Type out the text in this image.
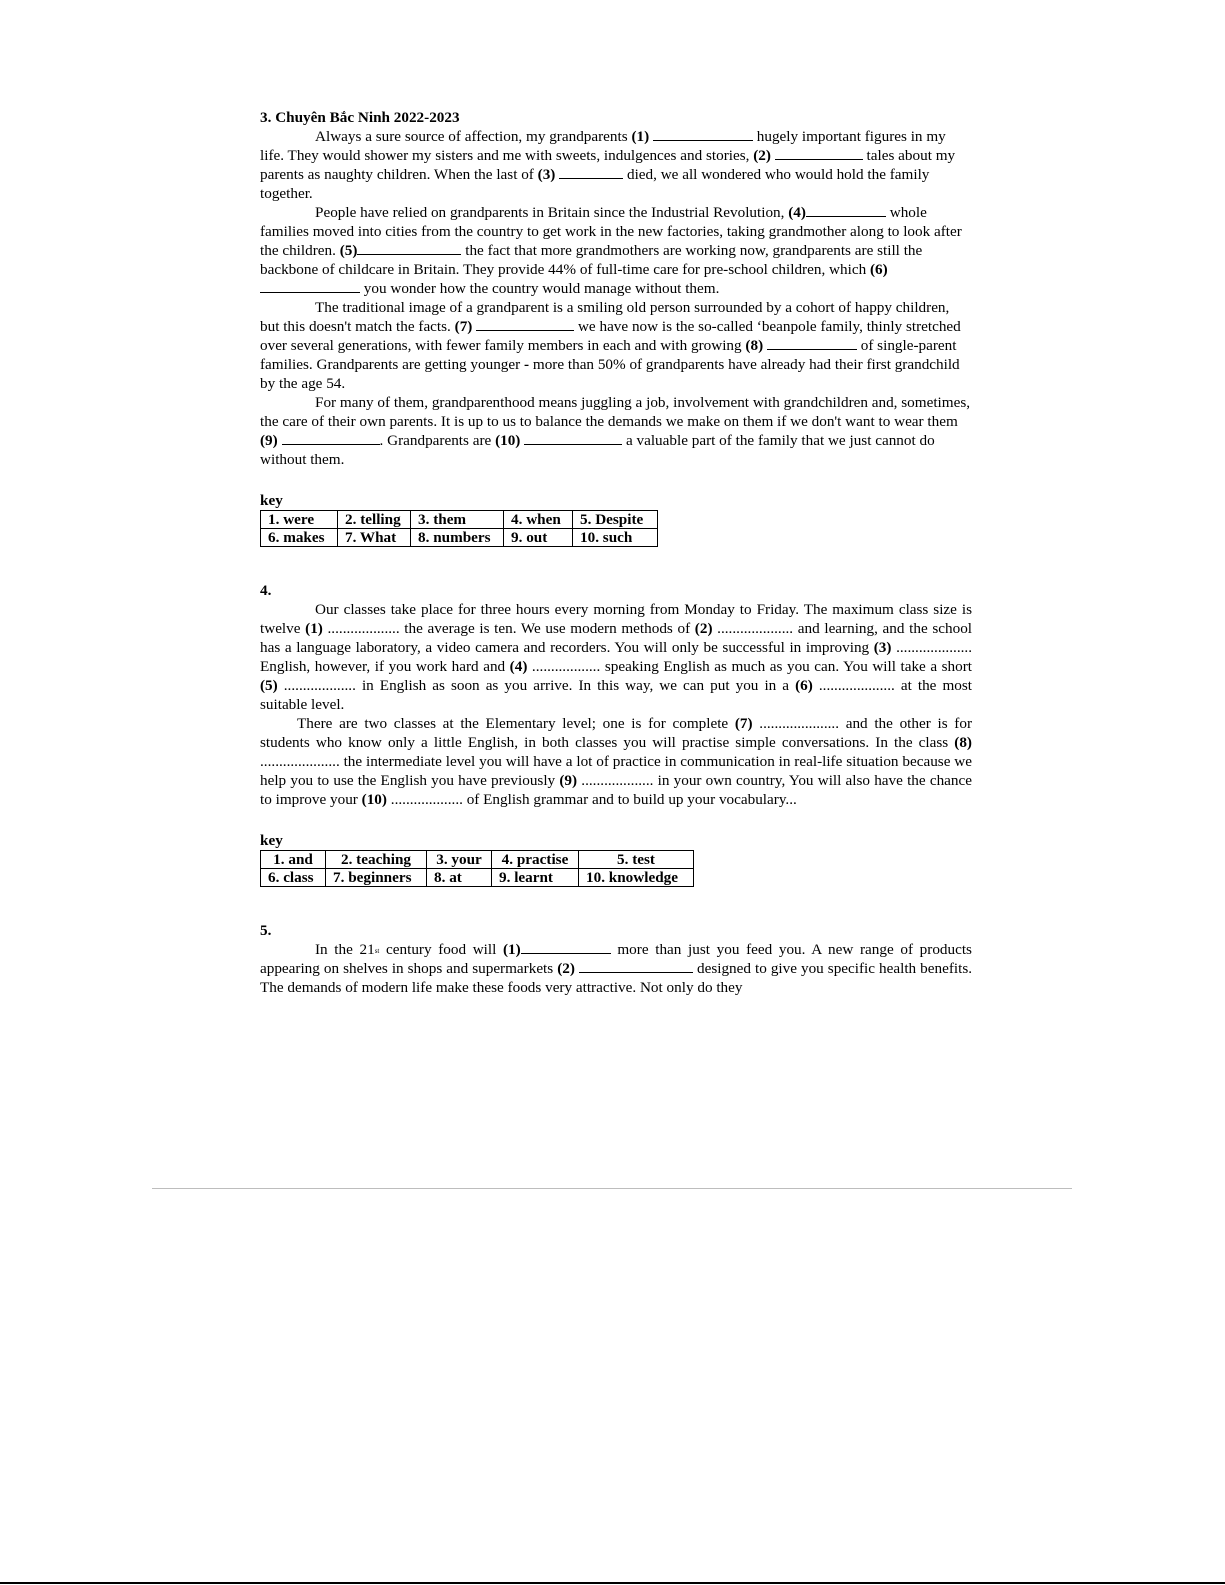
3. Chuyên Bắc Ninh 2022-2023

Always a sure source of affection, my grandparents (1)	hugely important figures in my life. They would shower my sisters and me with sweets, indulgences and stories, (2)	tales about my parents as naughty children. When the last of (3)	died, we all wondered who would hold the family together.

People have relied on grandparents in Britain since the Industrial Revolution, (4)	whole families moved into cities from the country to get work in the new factories, taking grandmother along to look after the children. (5)	the fact that more grandmothers are working now, grandparents are still the backbone of childcare in Britain. They provide 44% of full-time care for pre-school children, which (6)  you wonder how the country would manage without them.

The traditional image of a grandparent is a smiling old person surrounded by a cohort of happy children, but this doesn't match the facts. (7)	we have now is the so-called ‘beanpole family, thinly stretched over several generations, with fewer family members in each and with growing (8)	of single-parent families. Grandparents are getting younger - more than 50% of grandparents have already had their first grandchild by the age 54.

For many of them, grandparenthood means juggling a job, involvement with grandchildren and, sometimes, the care of their own parents. It is up to us to balance the demands we make on them if we don't want to wear them (9)	. Grandparents are (10)	a valuable part of the family that we just cannot do without them.

key

1. were	2. telling	3. them	4. when	5. Despite
6. makes	7. What	8. numbers	9. out	10. such

4.

Our classes take place for three hours every morning from Monday to Friday. The maximum class size is twelve (1) ................... the average is ten. We use modern methods of (2) .................... and learning, and the school has a language laboratory, a video camera and recorders. You will only be successful in improving (3) .................... English, however, if you work hard and (4) .................. speaking English as much as you can. You will take a short (5) ................... in English as soon as you arrive. In this way, we can put you in a (6) .................... at the most suitable level.

There are two classes at the Elementary level; one is for complete (7) ..................... and the other is for students who know only a little English, in both classes you will practise simple conversations. In the class (8) ..................... the intermediate level you will have a lot of practice in communication in real-life situation because we help you to use the English you have previously (9) ................... in your own country, You will also have the chance to improve your (10) ................... of English grammar and to build up your vocabulary...

key

1. and	2. teaching	3. your	4. practise	5. test
6. class	7. beginners	8. at	9. learnt	10. knowledge

5.

In the 21st century food will (1)	more than just you feed you. A new range of products appearing on shelves in shops and supermarkets (2)	designed to give you specific health benefits. The demands of modern life make these foods very attractive. Not only do they
